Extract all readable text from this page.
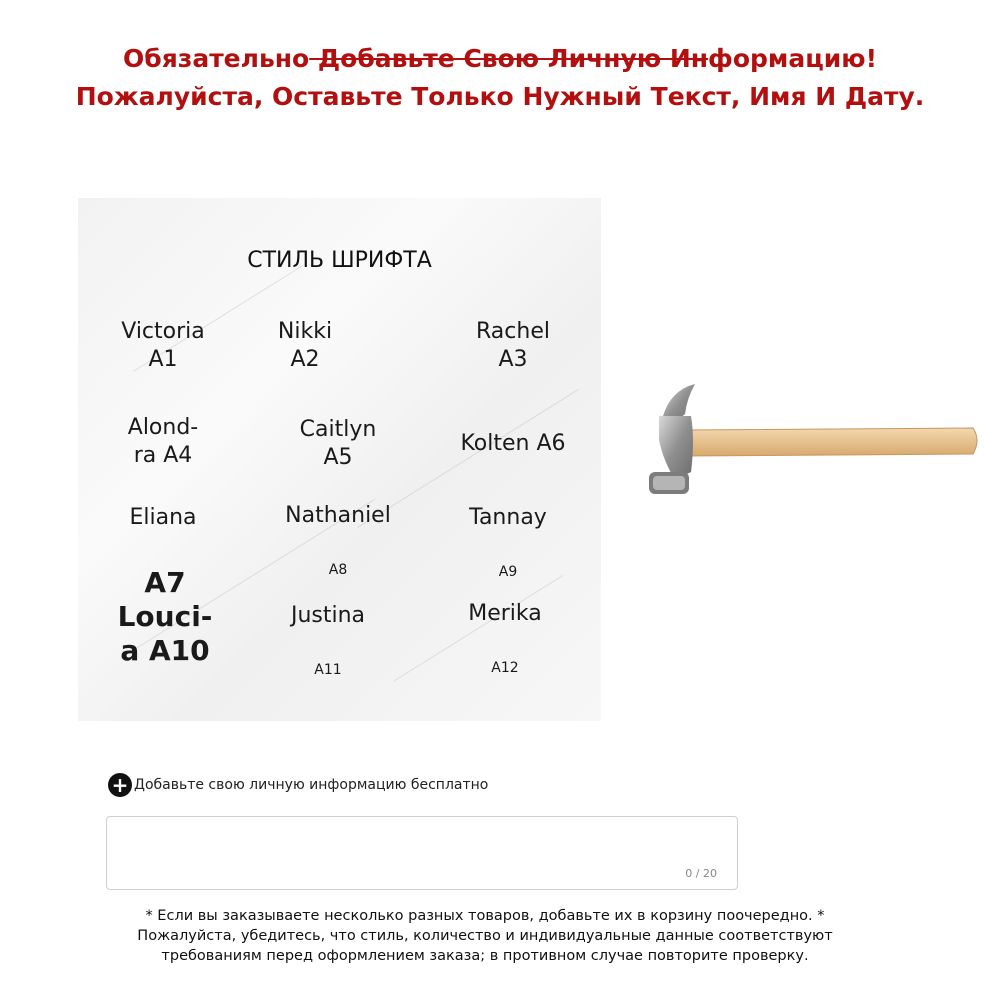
Обязательно Добавьте Свою Личную Информацию!
Пожалуйста, Оставьте Только Нужный Текст, Имя И Дату.
СТИЛЬ ШРИФТА
Victoria
A1
Nikki
A2
Rachel
A3
Alond-
ra A4
Caitlyn
A5
Kolten A6
Eliana	Nathaniel
A8
Tannay
A9
A7
Louci-
a A10
Justina
A11
Merika
A12
+ Добавьте свою личную информацию бесплатно
0 / 20
* Если вы заказываете несколько разных товаров, добавьте их в корзину поочередно. *
Пожалуйста, убедитесь, что стиль, количество и индивидуальные данные соответствуют
требованиям перед оформлением заказа; в противном случае повторите проверку.
